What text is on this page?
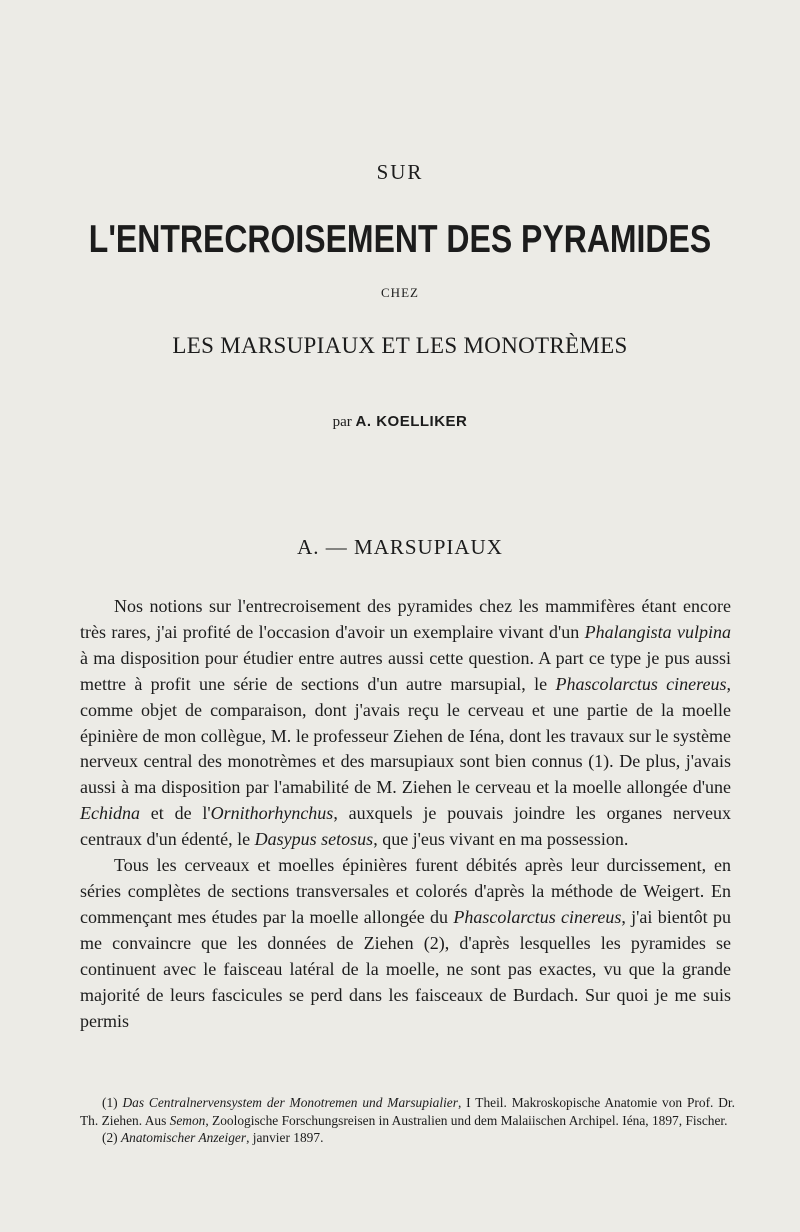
SUR
L'ENTRECROISEMENT DES PYRAMIDES
CHEZ
LES MARSUPIAUX ET LES MONOTRÈMES
par A. KOELLIKER
A. — MARSUPIAUX

Nos notions sur l'entrecroisement des pyramides chez les mammifères étant encore très rares, j'ai profité de l'occasion d'avoir un exemplaire vivant d'un Phalangista vulpina à ma disposition pour étudier entre autres aussi cette question. A part ce type je pus aussi mettre à profit une série de sections d'un autre marsupial, le Phascolarctus cinereus, comme objet de comparaison, dont j'avais reçu le cerveau et une partie de la moelle épinière de mon collègue, M. le professeur Ziehen de Iéna, dont les travaux sur le système nerveux central des monotrèmes et des marsupiaux sont bien connus (1). De plus, j'avais aussi à ma disposition par l'amabilité de M. Ziehen le cerveau et la moelle allongée d'une Echidna et de l'Ornithorhynchus, auxquels je pouvais joindre les organes nerveux centraux d'un édenté, le Dasypus setosus, que j'eus vivant en ma possession.

Tous les cerveaux et moelles épinières furent débités après leur durcissement, en séries complètes de sections transversales et colorés d'après la méthode de Weigert. En commençant mes études par la moelle allongée du Phascolarctus cinereus, j'ai bientôt pu me convaincre que les données de Ziehen (2), d'après lesquelles les pyramides se continuent avec le faisceau latéral de la moelle, ne sont pas exactes, vu que la grande majorité de leurs fascicules se perd dans les faisceaux de Burdach. Sur quoi je me suis permis

(1) Das Centralnervensystem der Monotremen und Marsupialier, I Theil. Makroskopische Anatomie von Prof. Dr. Th. Ziehen. Aus Semon, Zoologische Forschungsreisen in Australien und dem Malaiischen Archipel. Iéna, 1897, Fischer.

(2) Anatomischer Anzeiger, janvier 1897.
